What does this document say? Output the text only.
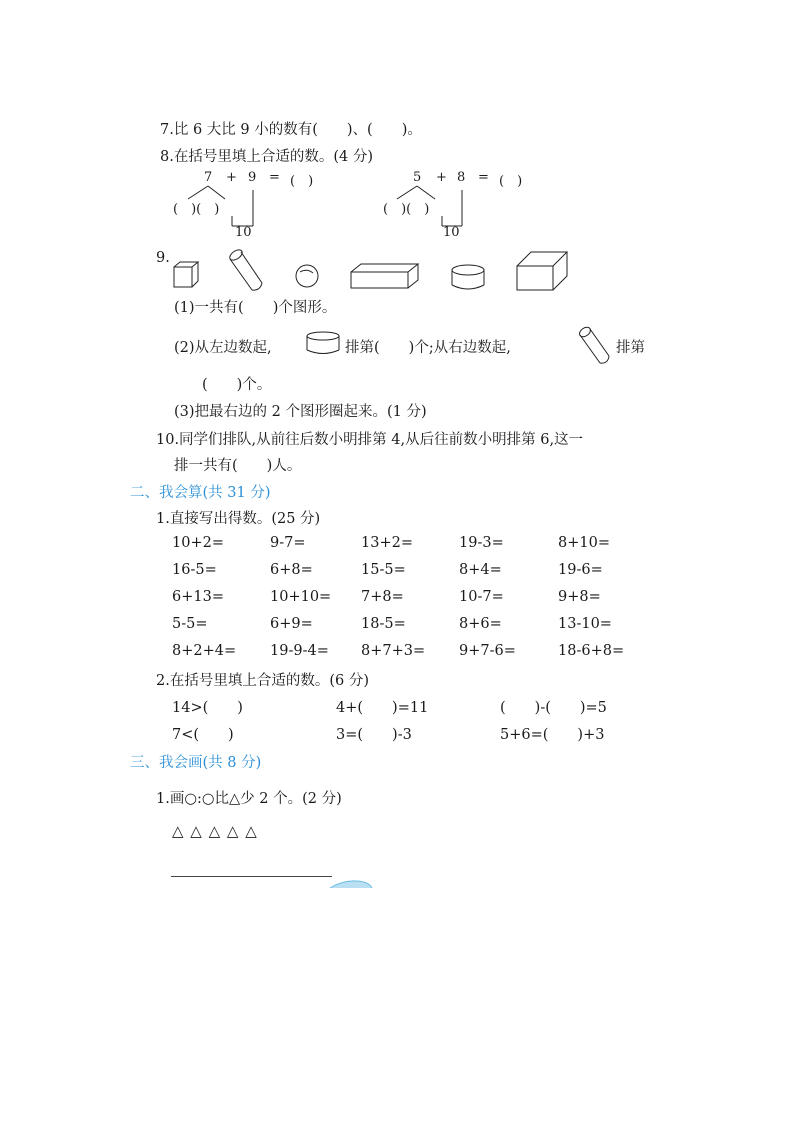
7.比 6 大比 9 小的数有(　　)、(　　)。
8.在括号里填上合适的数。(4 分)
7 + 9 = (　)
(　)(　)
10
5 + 8 = (　)
(　)(　)
10
9.
(1)一共有(　　)个图形。
(2)从左边数起,	排第(　　)个;从右边数起,	排第
(　　)个。
(3)把最右边的 2 个图形圈起来。(1 分)
10.同学们排队,从前往后数小明排第 4,从后往前数小明排第 6,这一
排一共有(　　)人。
二、我会算(共 31 分)
1.直接写出得数。(25 分)
10+2=	9-7=	13+2=	19-3=	8+10=
16-5=	6+8=	15-5=	8+4=	19-6=
6+13=	10+10= 7+8=	10-7=	9+8=
5-5=	6+9=	18-5=	8+6=	13-10=
8+2+4= 19-9-4= 8+7+3= 9+7-6=	18-6+8=
2.在括号里填上合适的数。(6 分)
14>(　　)	4+(　　)=11	(　　)-(　　)=5
7<(　　)	3=(　　)-3	5+6=(　　)+3
三、我会画(共 8 分)
1.画○:○比△少 2 个。(2 分)
△ △ △ △ △
